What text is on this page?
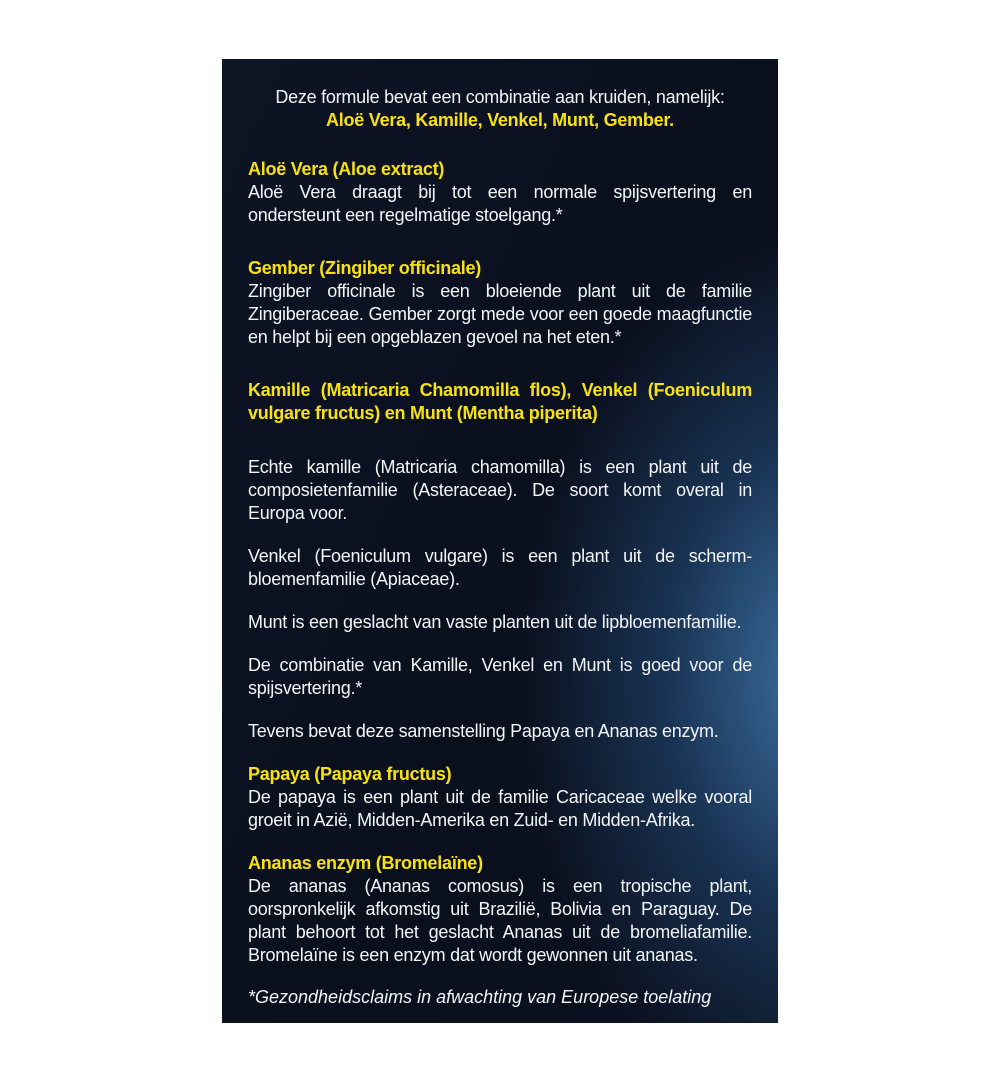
Deze formule bevat een combinatie aan kruiden, namelijk:

Aloë Vera, Kamille, Venkel, Munt, Gember.

Aloë Vera (Aloe extract)

Aloë Vera draagt bij tot een normale spijsvertering en ondersteunt een regelmatige stoelgang.*

Gember (Zingiber officinale)

Zingiber officinale is een bloeiende plant uit de familie Zingiberaceae. Gember zorgt mede voor een goede maagfunctie en helpt bij een opgeblazen gevoel na het eten.*

Kamille (Matricaria Chamomilla flos), Venkel (Foeniculum vulgare fructus) en Munt (Mentha piperita)

Echte kamille (Matricaria chamomilla) is een plant uit de composietenfamilie (Asteraceae). De soort komt overal in Europa voor.

Venkel (Foeniculum vulgare) is een plant uit de scherm-bloemenfamilie (Apiaceae).

Munt is een geslacht van vaste planten uit de lipbloemenfamilie.

De combinatie van Kamille, Venkel en Munt is goed voor de spijsvertering.*

Tevens bevat deze samenstelling Papaya en Ananas enzym.

Papaya (Papaya fructus)

De papaya is een plant uit de familie Caricaceae welke vooral groeit in Azië, Midden-Amerika en Zuid- en Midden-Afrika.

Ananas enzym (Bromelaïne)

De ananas (Ananas comosus) is een tropische plant, oorspronkelijk afkomstig uit Brazilië, Bolivia en Paraguay. De plant behoort tot het geslacht Ananas uit de bromeliafamilie. Bromelaïne is een enzym dat wordt gewonnen uit ananas.

*Gezondheidsclaims in afwachting van Europese toelating
